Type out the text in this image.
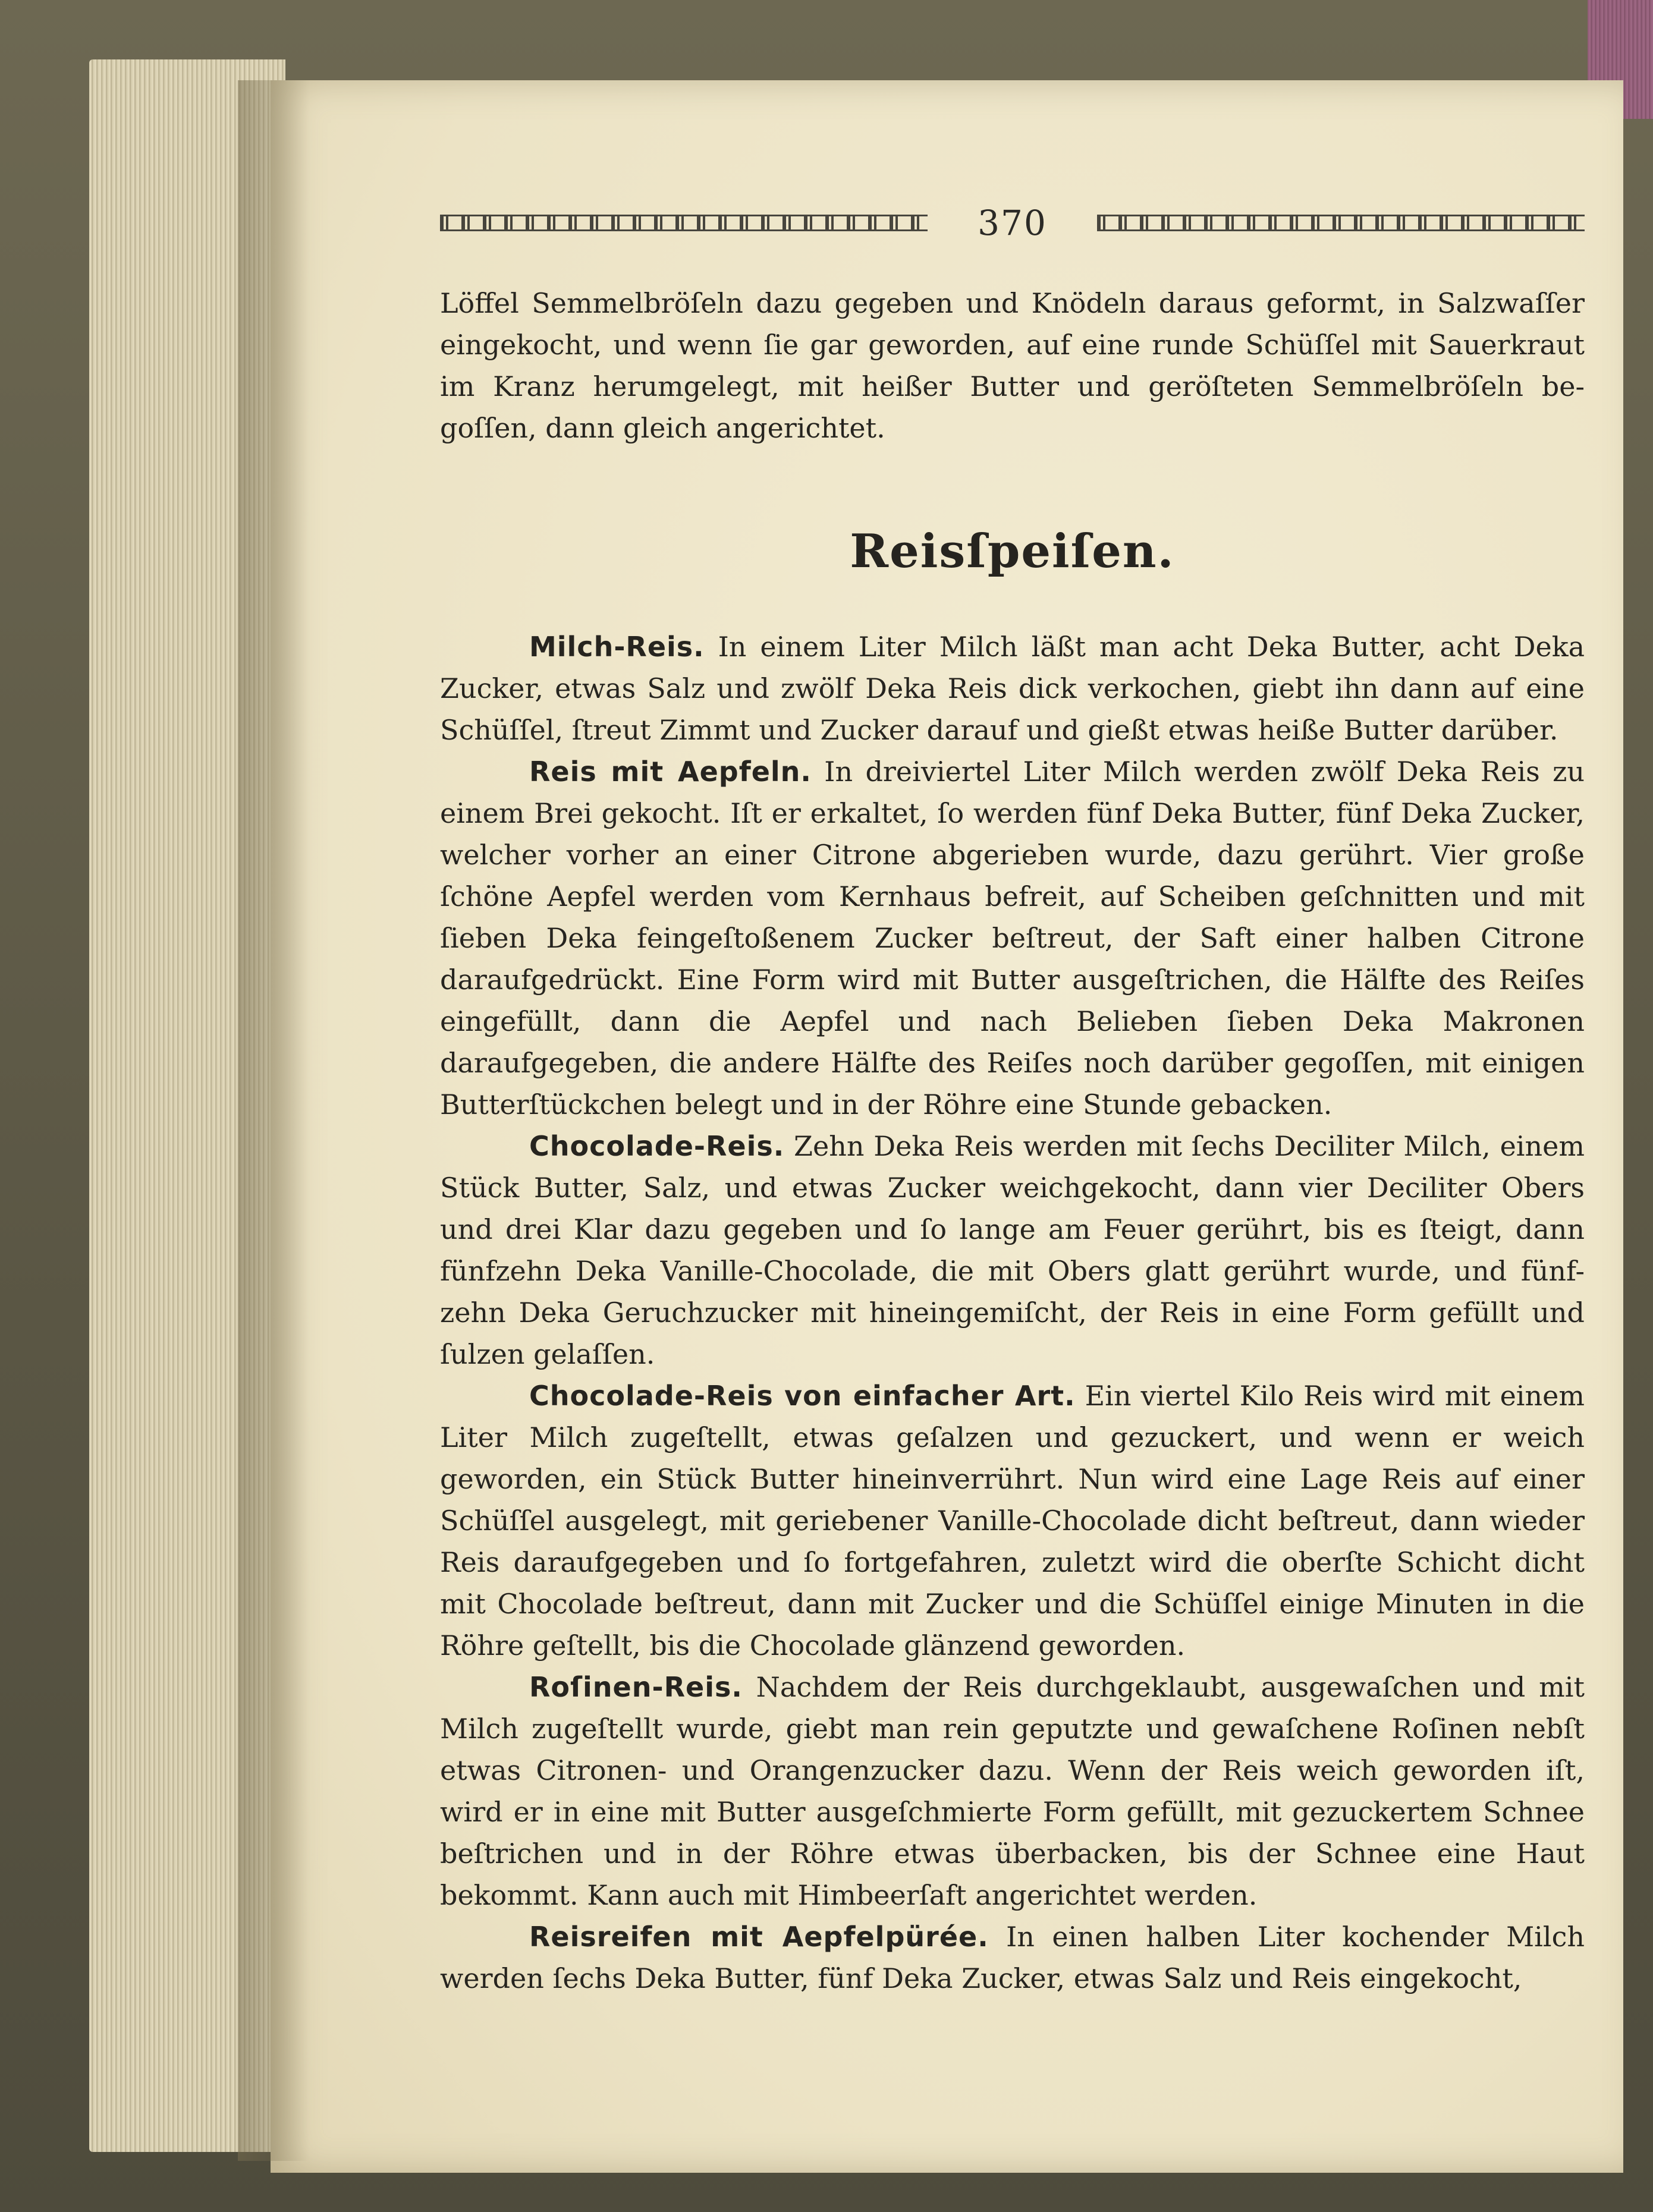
370

Löffel Semmelbröſeln dazu gegeben und Knödeln daraus geformt, in Salzwaſſer eingekocht, und wenn ſie gar geworden, auf eine runde Schüſſel mit Sauerkraut im Kranz herumgelegt, mit heißer Butter und geröſteten Semmelbröſeln be-goſſen, dann gleich angerichtet.

Reisſpeiſen.

Milch-Reis. In einem Liter Milch läßt man acht Deka Butter, acht Deka Zucker, etwas Salz und zwölf Deka Reis dick verkochen, giebt ihn dann auf eine Schüſſel, ſtreut Zimmt und Zucker darauf und gießt etwas heiße Butter darüber.

Reis mit Aepfeln. In dreiviertel Liter Milch werden zwölf Deka Reis zu einem Brei gekocht. Iſt er erkaltet, ſo werden fünf Deka Butter, fünf Deka Zucker, welcher vorher an einer Citrone abgerieben wurde, dazu gerührt. Vier große ſchöne Aepfel werden vom Kernhaus befreit, auf Scheiben geſchnitten und mit ſieben Deka feingeſtoßenem Zucker beſtreut, der Saft einer halben Citrone daraufgedrückt. Eine Form wird mit Butter ausgeſtrichen, die Hälfte des Reiſes eingefüllt, dann die Aepfel und nach Belieben ſieben Deka Makronen daraufgegeben, die andere Hälfte des Reiſes noch darüber gegoſſen, mit einigen Butterſtückchen belegt und in der Röhre eine Stunde gebacken.

Chocolade-Reis. Zehn Deka Reis werden mit ſechs Deciliter Milch, einem Stück Butter, Salz, und etwas Zucker weichgekocht, dann vier Deciliter Obers und drei Klar dazu gegeben und ſo lange am Feuer gerührt, bis es ſteigt, dann fünfzehn Deka Vanille-Chocolade, die mit Obers glatt gerührt wurde, und fünf-zehn Deka Geruchzucker mit hineingemiſcht, der Reis in eine Form gefüllt und ſulzen gelaſſen.

Chocolade-Reis von einfacher Art. Ein viertel Kilo Reis wird mit einem Liter Milch zugeſtellt, etwas geſalzen und gezuckert, und wenn er weich geworden, ein Stück Butter hineinverrührt. Nun wird eine Lage Reis auf einer Schüſſel ausgelegt, mit geriebener Vanille-Chocolade dicht beſtreut, dann wieder Reis daraufgegeben und ſo fortgefahren, zuletzt wird die oberſte Schicht dicht mit Chocolade beſtreut, dann mit Zucker und die Schüſſel einige Minuten in die Röhre geſtellt, bis die Chocolade glänzend geworden.

Roſinen-Reis. Nachdem der Reis durchgeklaubt, ausgewaſchen und mit Milch zugeſtellt wurde, giebt man rein geputzte und gewaſchene Roſinen nebſt etwas Citronen- und Orangenzucker dazu. Wenn der Reis weich geworden iſt, wird er in eine mit Butter ausgeſchmierte Form gefüllt, mit gezuckertem Schnee beſtrichen und in der Röhre etwas überbacken, bis der Schnee eine Haut bekommt. Kann auch mit Himbeerſaft angerichtet werden.

Reisreifen mit Aepfelpürée. In einen halben Liter kochender Milch werden ſechs Deka Butter, fünf Deka Zucker, etwas Salz und Reis eingekocht,
